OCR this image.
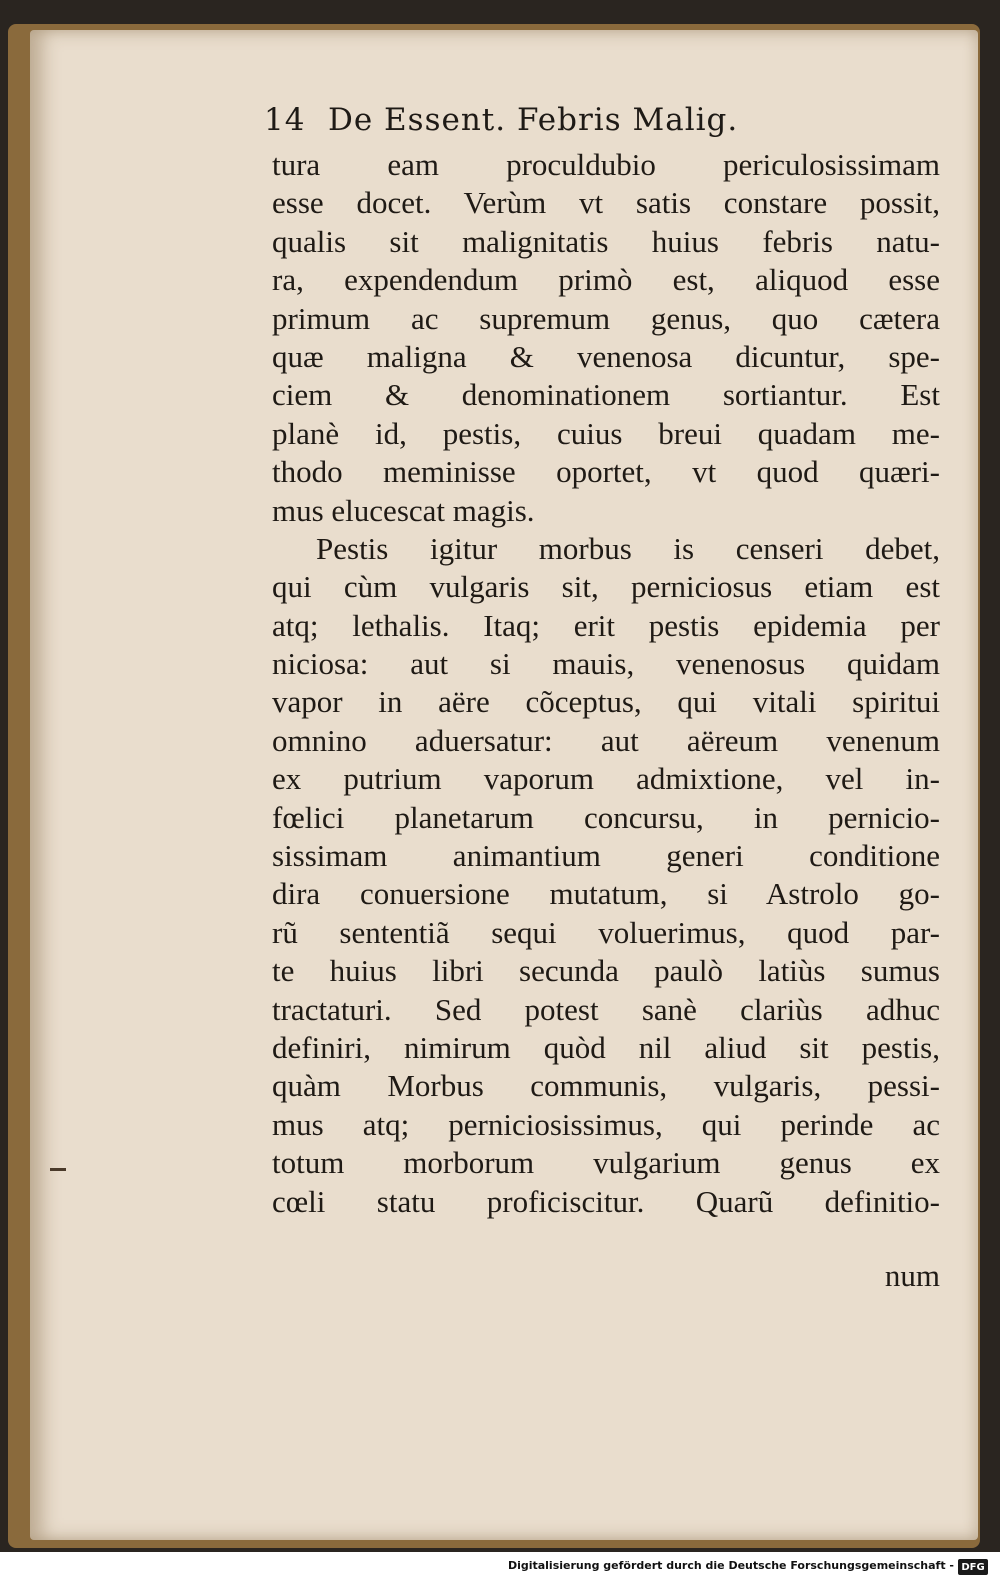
14 De Essent. Febris Malig.
tura eam proculdubio periculosissimam
esse docet. Verùm vt satis constare possit,
qualis sit malignitatis huius febris natu-
ra, expendendum primò est, aliquod esse
primum ac supremum genus, quo cætera
quæ maligna & venenosa dicuntur, spe-
ciem & denominationem sortiantur. Est
planè id, pestis, cuius breui quadam me-
thodo meminisse oportet, vt quod quæri-
mus elucescat magis.
Pestis igitur morbus is censeri debet,
qui cùm vulgaris sit, perniciosus etiam est
atq; lethalis. Itaq; erit pestis epidemia per
niciosa: aut si mauis, venenosus quidam
vapor in aëre cõceptus, qui vitali spiritui
omnino aduersatur: aut aëreum venenum
ex putrium vaporum admixtione, vel in-
fœlici planetarum concursu, in pernicio-
sissimam animantium generi conditione
dira conuersione mutatum, si Astrolo go-
rũ sententiã sequi voluerimus, quod par-
te huius libri secunda paulò latiùs sumus
tractaturi. Sed potest sanè clariùs adhuc
definiri, nimirum quòd nil aliud sit pestis,
quàm Morbus communis, vulgaris, pessi-
mus atq; perniciosissimus, qui perinde ac
totum morborum vulgarium genus ex
cœli statu proficiscitur. Quarũ definitio-
num
Digitalisierung gefördert durch die Deutsche Forschungsgemeinschaft - DFG
